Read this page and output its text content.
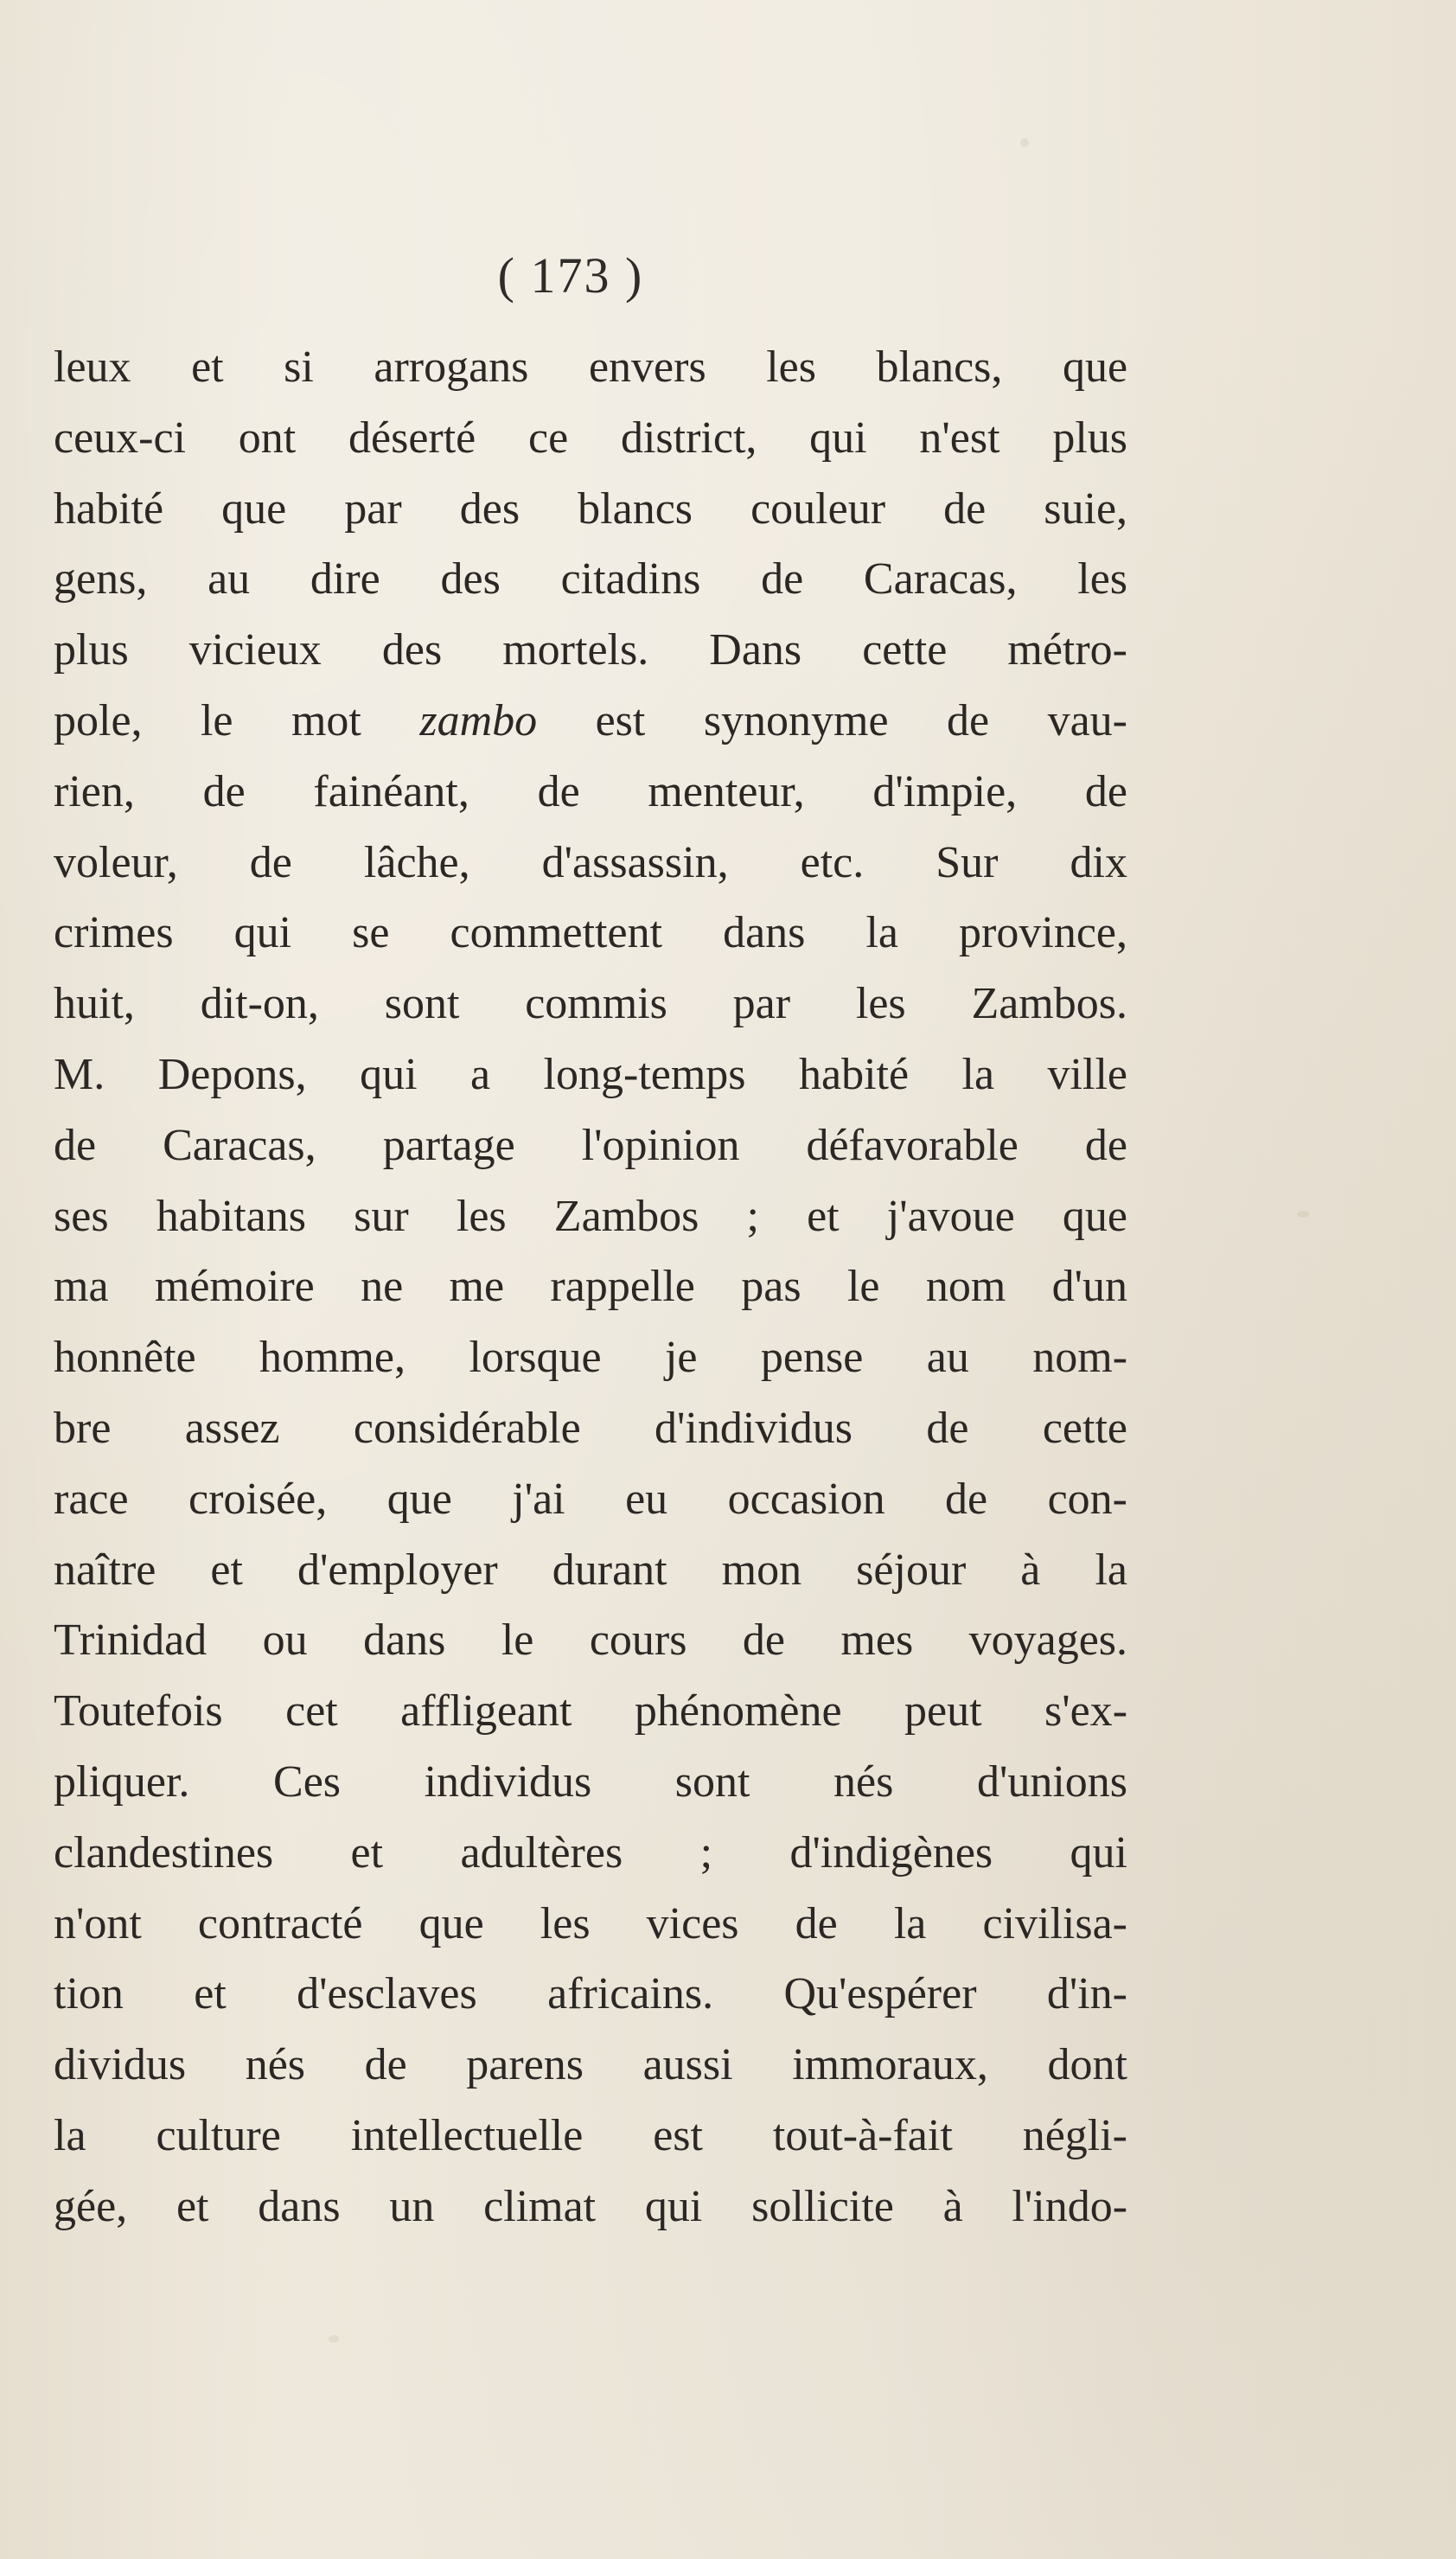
( 173 )
leux et si arrogans envers les blancs, que
ceux-ci ont déserté ce district, qui n'est plus
habité que par des blancs couleur de suie,
gens, au dire des citadins de Caracas, les
plus vicieux des mortels. Dans cette métro-
pole, le mot zambo est synonyme de vau-
rien, de fainéant, de menteur, d'impie, de
voleur, de lâche, d'assassin, etc. Sur dix
crimes qui se commettent dans la province,
huit, dit-on, sont commis par les Zambos.
M. Depons, qui a long-temps habité la ville
de Caracas, partage l'opinion défavorable de
ses habitans sur les Zambos ; et j'avoue que
ma mémoire ne me rappelle pas le nom d'un
honnête homme, lorsque je pense au nom-
bre assez considérable d'individus de cette
race croisée, que j'ai eu occasion de con-
naître et d'employer durant mon séjour à la
Trinidad ou dans le cours de mes voyages.
Toutefois cet affligeant phénomène peut s'ex-
pliquer. Ces individus sont nés d'unions
clandestines et adultères ; d'indigènes qui
n'ont contracté que les vices de la civilisa-
tion et d'esclaves africains. Qu'espérer d'in-
dividus nés de parens aussi immoraux, dont
la culture intellectuelle est tout-à-fait négli-
gée, et dans un climat qui sollicite à l'indo-
